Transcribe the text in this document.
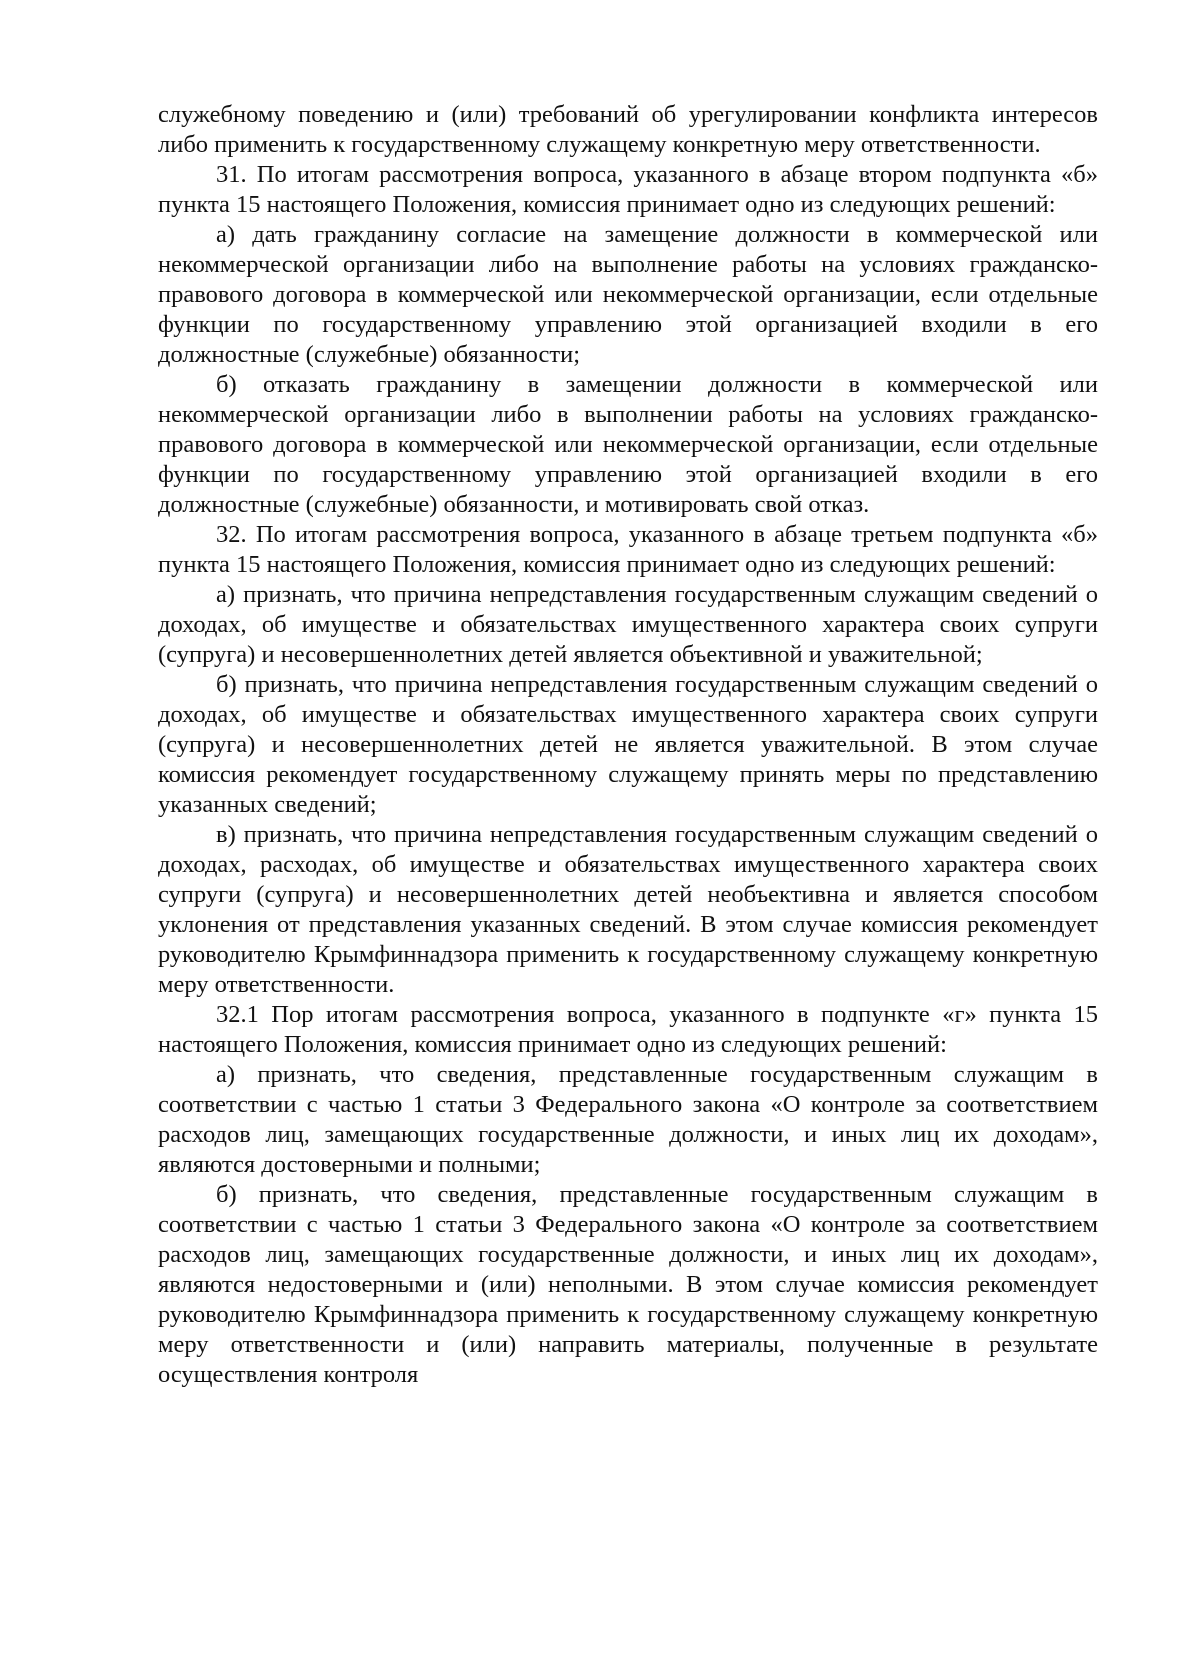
служебному поведению и (или) требований об урегулировании конфликта интересов либо применить к государственному служащему конкретную меру ответственности.

31. По итогам рассмотрения вопроса, указанного в абзаце втором подпункта «б» пункта 15 настоящего Положения, комиссия принимает одно из следующих решений:

а) дать гражданину согласие на замещение должности в коммерческой или некоммерческой организации либо на выполнение работы на условиях гражданско-правового договора в коммерческой или некоммерческой организации, если отдельные функции по государственному управлению этой организацией входили в его должностные (служебные) обязанности;

б) отказать гражданину в замещении должности в коммерческой или некоммерческой организации либо в выполнении работы на условиях гражданско-правового договора в коммерческой или некоммерческой организации, если отдельные функции по государственному управлению этой организацией входили в его должностные (служебные) обязанности, и мотивировать свой отказ.

32. По итогам рассмотрения вопроса, указанного в абзаце третьем подпункта «б» пункта 15 настоящего Положения, комиссия принимает одно из следующих решений:

а) признать, что причина непредставления государственным служащим сведений о доходах, об имуществе и обязательствах имущественного характера своих супруги (супруга) и несовершеннолетних детей является объективной и уважительной;

б) признать, что причина непредставления государственным служащим сведений о доходах, об имуществе и обязательствах имущественного характера своих супруги (супруга) и несовершеннолетних детей не является уважительной. В этом случае комиссия рекомендует государственному служащему принять меры по представлению указанных сведений;

в) признать, что причина непредставления государственным служащим сведений о доходах, расходах, об имуществе и обязательствах имущественного характера своих супруги (супруга) и несовершеннолетних детей необъективна и является способом уклонения от представления указанных сведений. В этом случае комиссия рекомендует руководителю Крымфиннадзора применить к государственному служащему конкретную меру ответственности.

32.1 Пор итогам рассмотрения вопроса, указанного в подпункте «г» пункта 15 настоящего Положения, комиссия принимает одно из следующих решений:

а) признать, что сведения, представленные государственным служащим в соответствии с частью 1 статьи 3 Федерального закона «О контроле за соответствием расходов лиц, замещающих государственные должности, и иных лиц их доходам», являются достоверными и полными;

б) признать, что сведения, представленные государственным служащим в соответствии с частью 1 статьи 3 Федерального закона «О контроле за соответствием расходов лиц, замещающих государственные должности, и иных лиц их доходам», являются недостоверными и (или) неполными. В этом случае комиссия рекомендует руководителю Крымфиннадзора применить к государственному служащему конкретную меру ответственности и (или) направить материалы, полученные в результате осуществления контроля
